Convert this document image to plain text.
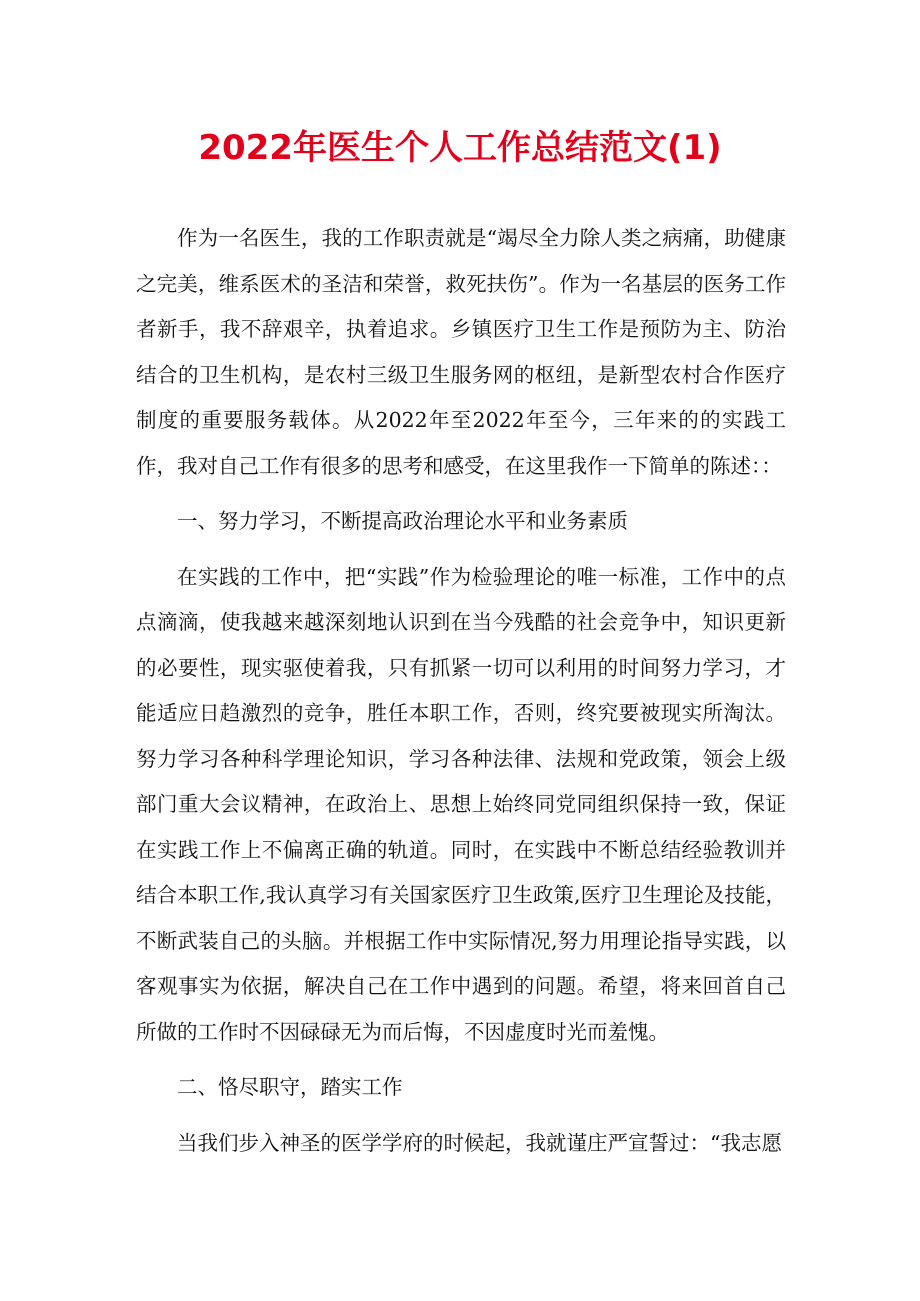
2022年医生个人工作总结范文(1)

作为一名医生，我的工作职责就是“竭尽全力除人类之病痛，助健康之完美，维系医术的圣洁和荣誉，救死扶伤”。作为一名基层的医务工作者新手，我不辞艰辛，执着追求。乡镇医疗卫生工作是预防为主、防治结合的卫生机构，是农村三级卫生服务网的枢纽，是新型农村合作医疗制度的重要服务载体。从2022年至2022年至今，三年来的的实践工作，我对自己工作有很多的思考和感受，在这里我作一下简单的陈述：：

一、努力学习，不断提高政治理论水平和业务素质

在实践的工作中，把“实践”作为检验理论的唯一标准，工作中的点点滴滴，使我越来越深刻地认识到在当今残酷的社会竞争中，知识更新的必要性，现实驱使着我，只有抓紧一切可以利用的时间努力学习，才能适应日趋激烈的竞争，胜任本职工作，否则，终究要被现实所淘汰。努力学习各种科学理论知识，学习各种法律、法规和党政策，领会上级部门重大会议精神，在政治上、思想上始终同党同组织保持一致，保证在实践工作上不偏离正确的轨道。同时，在实践中不断总结经验教训并结合本职工作,我认真学习有关国家医疗卫生政策,医疗卫生理论及技能，不断武装自己的头脑。并根据工作中实际情况,努力用理论指导实践，以客观事实为依据，解决自己在工作中遇到的问题。希望，将来回首自己所做的工作时不因碌碌无为而后悔，不因虚度时光而羞愧。

二、恪尽职守，踏实工作

当我们步入神圣的医学学府的时候起，我就谨庄严宣誓过：“我志愿
